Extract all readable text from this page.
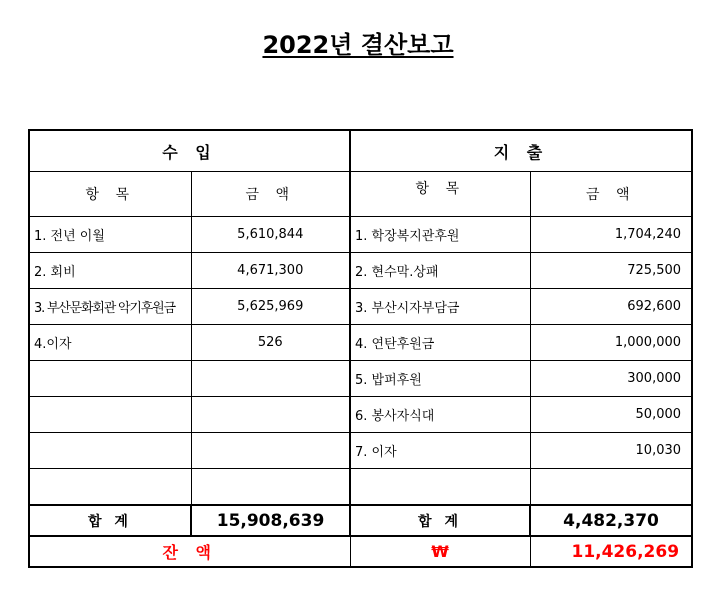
2022년 결산보고
수 입		지 출	
항 목	금 액	항 목	금 액
1. 전년 이월	5,610,844	1. 학장복지관후원	1,704,240
2. 회비	4,671,300	2. 현수막.상패	725,500
3. 부산문화회관 악기후원금	5,625,969	3. 부산시자부담금	692,600
4.이자	526	4. 연탄후원금	1,000,000
		5. 밥퍼후원	300,000
		6. 봉사자식대	50,000
		7. 이자	10,030

합 계	15,908,639	합 계	4,482,370
잔 액		₩	11,426,269
